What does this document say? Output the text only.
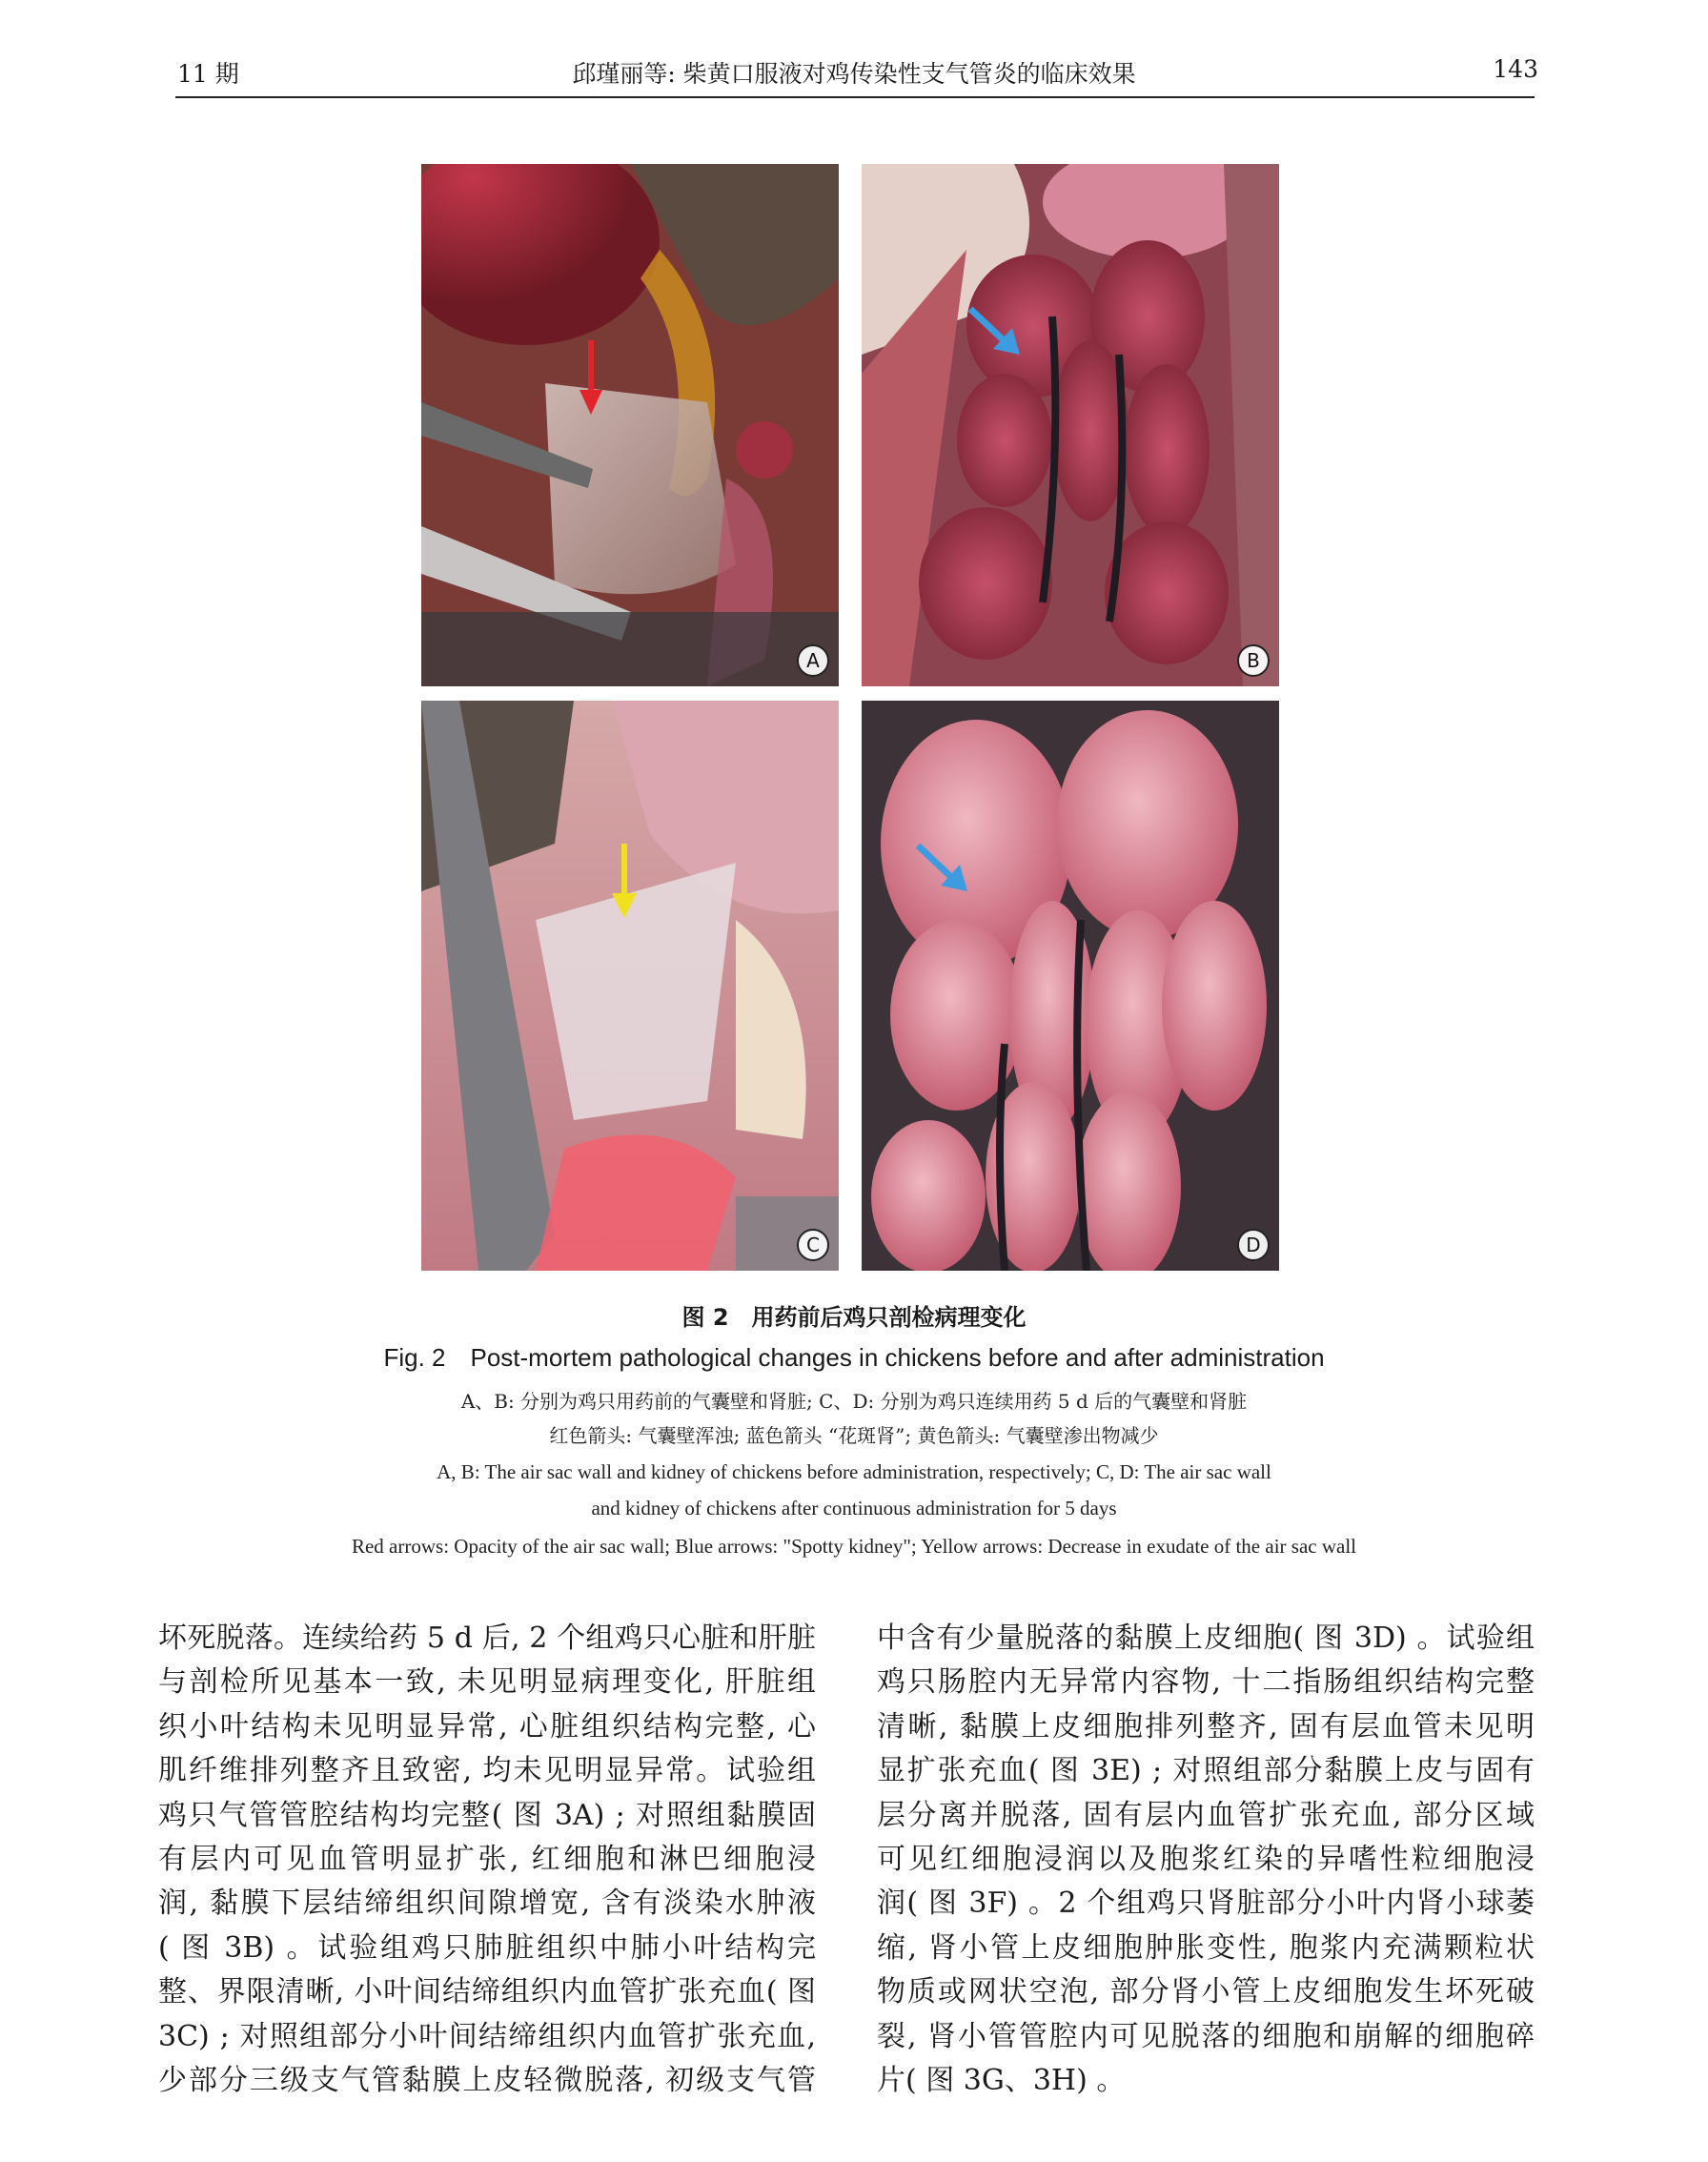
11 期	邱瑾丽等: 柴黄口服液对鸡传染性支气管炎的临床效果	143
A	B
C	D
图 2　用药前后鸡只剖检病理变化
Fig. 2　Post-mortem pathological changes in chickens before and after administration
A、B: 分别为鸡只用药前的气囊壁和肾脏; C、D: 分别为鸡只连续用药 5 d 后的气囊壁和肾脏
红色箭头: 气囊壁浑浊; 蓝色箭头 “花斑肾”; 黄色箭头: 气囊壁渗出物减少
A, B: The air sac wall and kidney of chickens before administration, respectively; C, D: The air sac wall
and kidney of chickens after continuous administration for 5 days
Red arrows: Opacity of the air sac wall; Blue arrows: "Spotty kidney"; Yellow arrows: Decrease in exudate of the air sac wall
坏死脱落。连续给药 5 d 后, 2 个组鸡只心脏和肝脏
与剖检所见基本一致, 未见明显病理变化, 肝脏组
织小叶结构未见明显异常, 心脏组织结构完整, 心
肌纤维排列整齐且致密, 均未见明显异常。试验组
鸡只气管管腔结构均完整( 图 3A) ; 对照组黏膜固
有层内可见血管明显扩张, 红细胞和淋巴细胞浸
润, 黏膜下层结缔组织间隙增宽, 含有淡染水肿液
( 图 3B) 。试验组鸡只肺脏组织中肺小叶结构完
整、界限清晰, 小叶间结缔组织内血管扩张充血( 图
3C) ; 对照组部分小叶间结缔组织内血管扩张充血,
少部分三级支气管黏膜上皮轻微脱落, 初级支气管
中含有少量脱落的黏膜上皮细胞( 图 3D) 。试验组
鸡只肠腔内无异常内容物, 十二指肠组织结构完整
清晰, 黏膜上皮细胞排列整齐, 固有层血管未见明
显扩张充血( 图 3E) ; 对照组部分黏膜上皮与固有
层分离并脱落, 固有层内血管扩张充血, 部分区域
可见红细胞浸润以及胞浆红染的异嗜性粒细胞浸
润( 图 3F) 。2 个组鸡只肾脏部分小叶内肾小球萎
缩, 肾小管上皮细胞肿胀变性, 胞浆内充满颗粒状
物质或网状空泡, 部分肾小管上皮细胞发生坏死破
裂, 肾小管管腔内可见脱落的细胞和崩解的细胞碎
片( 图 3G、3H) 。
